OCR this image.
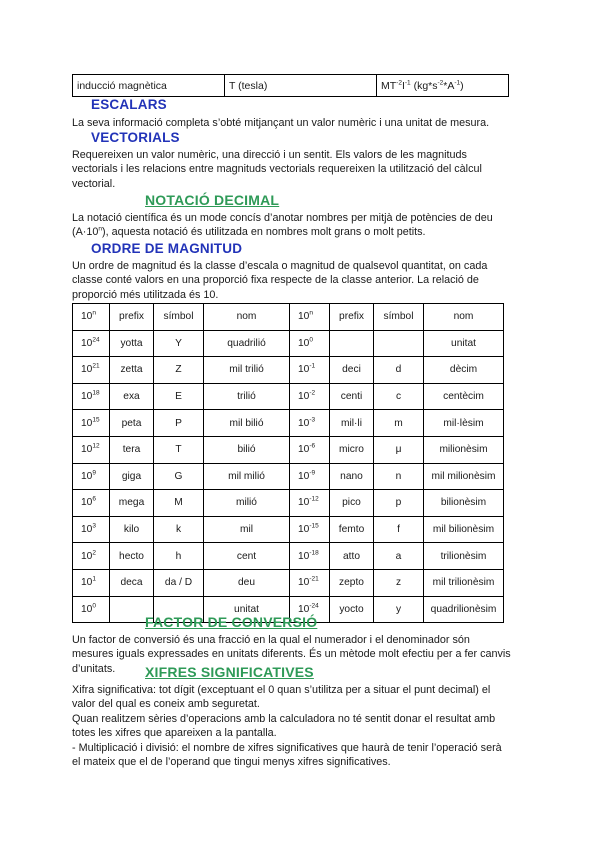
inducció magnètica	T (tesla)	$MT^{-2}I^{-1}$ $(kg*s^{-2}*A^{-1})$
ESCALARS
La seva informació completa s’obté mitjançant un valor numèric i una unitat de mesura.
VECTORIALS
Requereixen un valor numèric, una direcció i un sentit. Els valors de les magnituds vectorials i les relacions entre magnituds vectorials requereixen la utilització del càlcul vectorial.
NOTACIÓ DECIMAL
La notació científica és un mode concís d’anotar nombres per mitjà de potències de deu $(A\cdot 10^n)$, aquesta notació és utilitzada en nombres molt grans o molt petits.
ORDRE DE MAGNITUD
Un ordre de magnitud és la classe d’escala o magnitud de qualsevol quantitat, on cada classe conté valors en una proporció fixa respecte de la classe anterior. La relació de proporció més utilitzada és 10.
10$^n$	prefix	símbol	nom	10$^n$	prefix	símbol	nom
$10^{24}$	yotta	Y	quadrilió	$10^0$			unitat
$10^{21}$	zetta	Z	mil trilió	$10^{-1}$	deci	d	dècim
$10^{18}$	exa	E	trilió	$10^{-2}$	centi	c	centècim
$10^{15}$	peta	P	mil bilió	$10^{-3}$	mil·li	m	mil·lèsim
$10^{12}$	tera	T	bilió	$10^{-6}$	micro	μ	milionèsim
$10^9$	giga	G	mil milió	$10^{-9}$	nano	n	mil milionèsim
$10^6$	mega	M	milió	$10^{-12}$	pico	p	bilionèsim
$10^3$	kilo	k	mil	$10^{-15}$	femto	f	mil bilionèsim
$10^2$	hecto	h	cent	$10^{-18}$	atto	a	trilionèsim
$10^1$	deca	da / D	deu	$10^{-21}$	zepto	z	mil trilionèsim
$10^0$			unitat	$10^{-24}$	yocto	y	quadrilionèsim
FACTOR DE CONVERSIÓ
Un factor de conversió és una fracció en la qual el numerador i el denominador són mesures iguals expressades en unitats diferents. És un mètode molt efectiu per a fer canvis d’unitats.	XIFRES SIGNIFICATIVES
Xifra significativa: tot dígit (exceptuant el 0 quan s’utilitza per a situar el punt decimal) el valor del qual es coneix amb seguretat.
Quan realitzem sèries d’operacions amb la calculadora no té sentit donar el resultat amb totes les xifres que apareixen a la pantalla.
- Multiplicació i divisió: el nombre de xifres significatives que haurà de tenir l’operació serà el mateix que el de l’operand que tingui menys xifres significatives.
